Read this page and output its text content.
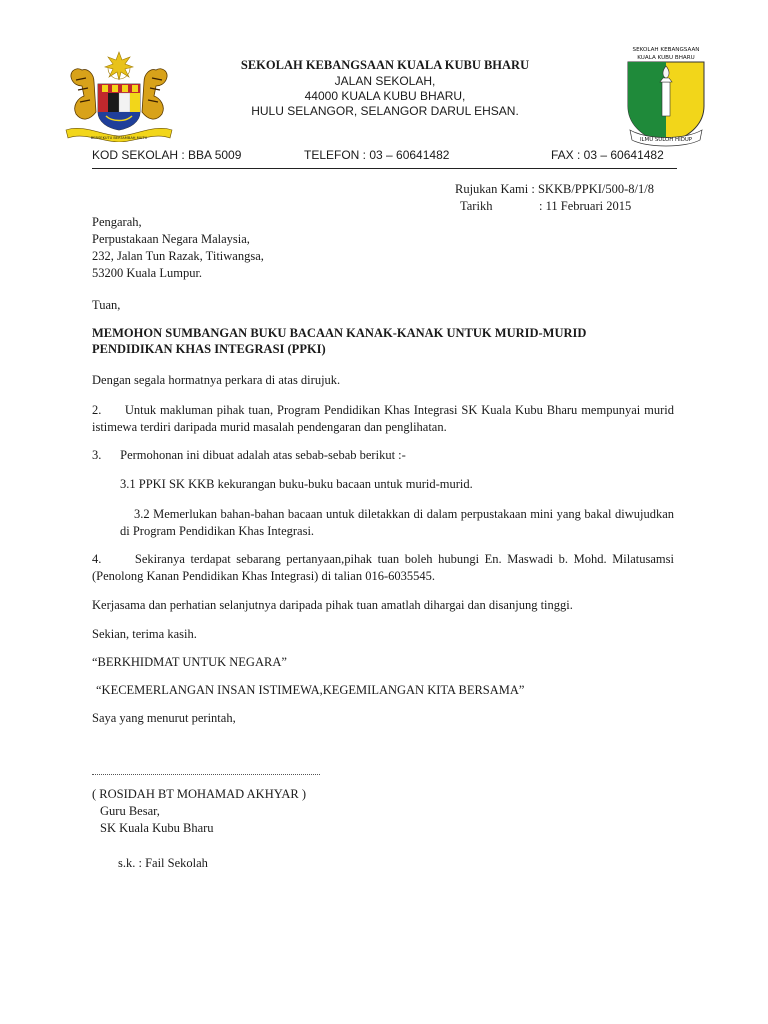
BERSEKUTU BERTAMBAH MUTU
SEKOLAH KEBANGSAAN KUALA KUBU BHARU
JALAN SEKOLAH,
44000 KUALA KUBU BHARU,
HULU SELANGOR, SELANGOR DARUL EHSAN.
SEKOLAH KEBANGSAAN
KUALA KUBU BHARU
ILMU SULOH HIDUP
KOD SEKOLAH : BBA 5009	TELEFON : 03 – 60641482	FAX : 03 – 60641482
Rujukan Kami : SKKB/PPKI/500-8/1/8
Tarikh	: 11 Februari 2015
Pengarah,
Perpustakaan Negara Malaysia,
232, Jalan Tun Razak, Titiwangsa,
53200 Kuala Lumpur.
Tuan,
MEMOHON SUMBANGAN BUKU BACAAN KANAK-KANAK UNTUK MURID-MURID
PENDIDIKAN KHAS INTEGRASI (PPKI)
Dengan segala hormatnya perkara di atas dirujuk.
2.      Untuk makluman pihak tuan, Program Pendidikan Khas Integrasi SK Kuala Kubu Bharu mempunyai murid istimewa terdiri daripada murid masalah pendengaran dan penglihatan.
3.      Permohonan ini dibuat adalah atas sebab-sebab berikut :-
3.1 PPKI SK KKB kekurangan buku-buku bacaan untuk murid-murid.
3.2 Memerlukan bahan-bahan bacaan untuk diletakkan di dalam perpustakaan mini yang bakal diwujudkan di Program Pendidikan Khas Integrasi.
4.      Sekiranya terdapat sebarang pertanyaan,pihak tuan boleh hubungi En. Maswadi b. Mohd. Milatusamsi (Penolong Kanan Pendidikan Khas Integrasi) di talian 016-6035545.
Kerjasama dan perhatian selanjutnya daripada pihak tuan amatlah dihargai dan disanjung tinggi.
Sekian, terima kasih.
“BERKHIDMAT UNTUK NEGARA”
“KECEMERLANGAN INSAN ISTIMEWA,KEGEMILANGAN KITA BERSAMA”
Saya yang menurut perintah,
( ROSIDAH BT MOHAMAD AKHYAR )
Guru Besar,
SK Kuala Kubu Bharu
s.k. : Fail Sekolah
